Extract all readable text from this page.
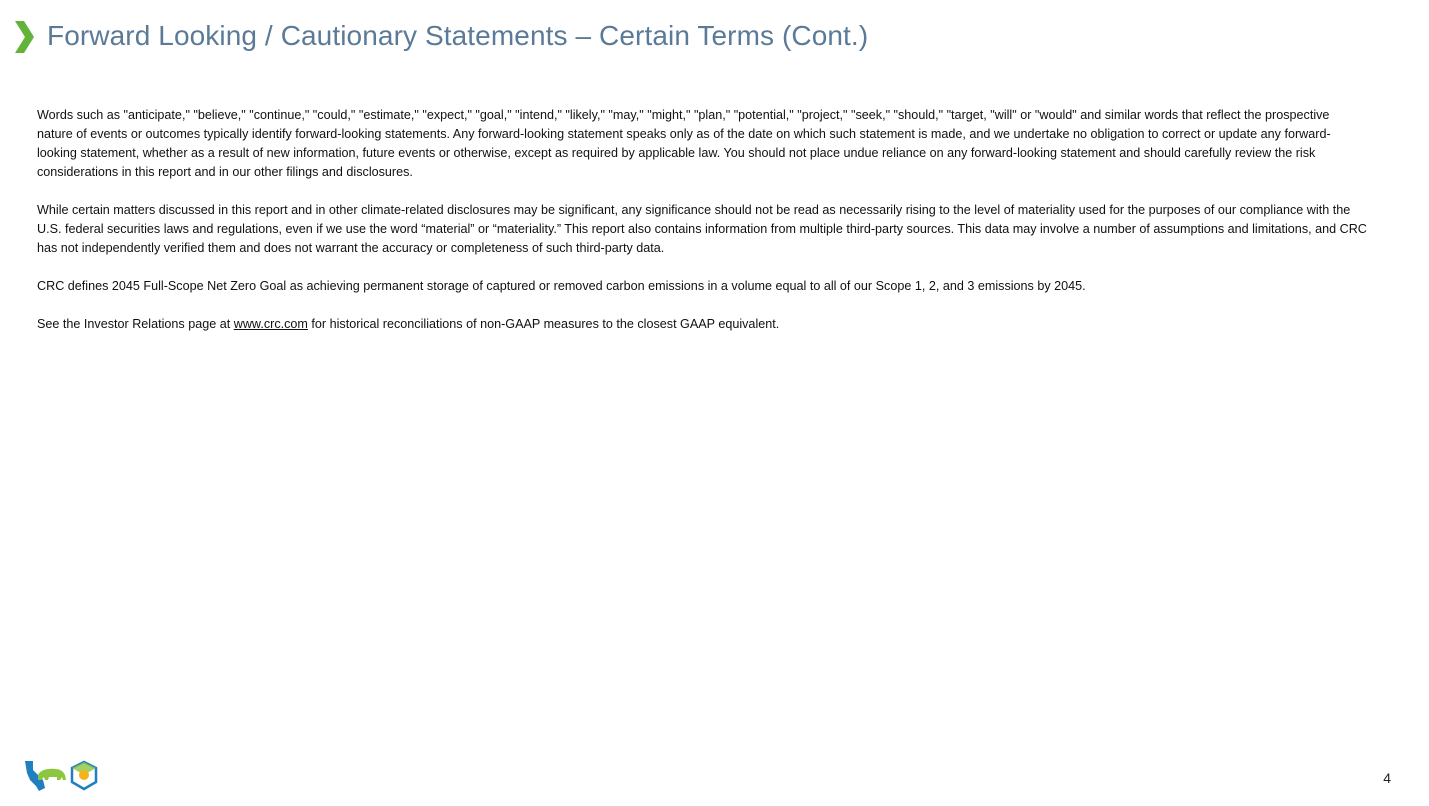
Forward Looking / Cautionary Statements – Certain Terms (Cont.)

Words such as "anticipate," "believe," "continue," "could," "estimate," "expect," "goal," "intend," "likely," "may," "might," "plan," "potential," "project," "seek," "should," "target, "will" or "would" and similar words that reflect the prospective nature of events or outcomes typically identify forward-looking statements. Any forward-looking statement speaks only as of the date on which such statement is made, and we undertake no obligation to correct or update any forward-looking statement, whether as a result of new information, future events or otherwise, except as required by applicable law. You should not place undue reliance on any forward-looking statement and should carefully review the risk considerations in this report and in our other filings and disclosures.

While certain matters discussed in this report and in other climate-related disclosures may be significant, any significance should not be read as necessarily rising to the level of materiality used for the purposes of our compliance with the U.S. federal securities laws and regulations, even if we use the word “material” or “materiality.” This report also contains information from multiple third-party sources. This data may involve a number of assumptions and limitations, and CRC has not independently verified them and does not warrant the accuracy or completeness of such third-party data.

CRC defines 2045 Full-Scope Net Zero Goal as achieving permanent storage of captured or removed carbon emissions in a volume equal to all of our Scope 1, 2, and 3 emissions by 2045.

See the Investor Relations page at www.crc.com for historical reconciliations of non-GAAP measures to the closest GAAP equivalent.

4
